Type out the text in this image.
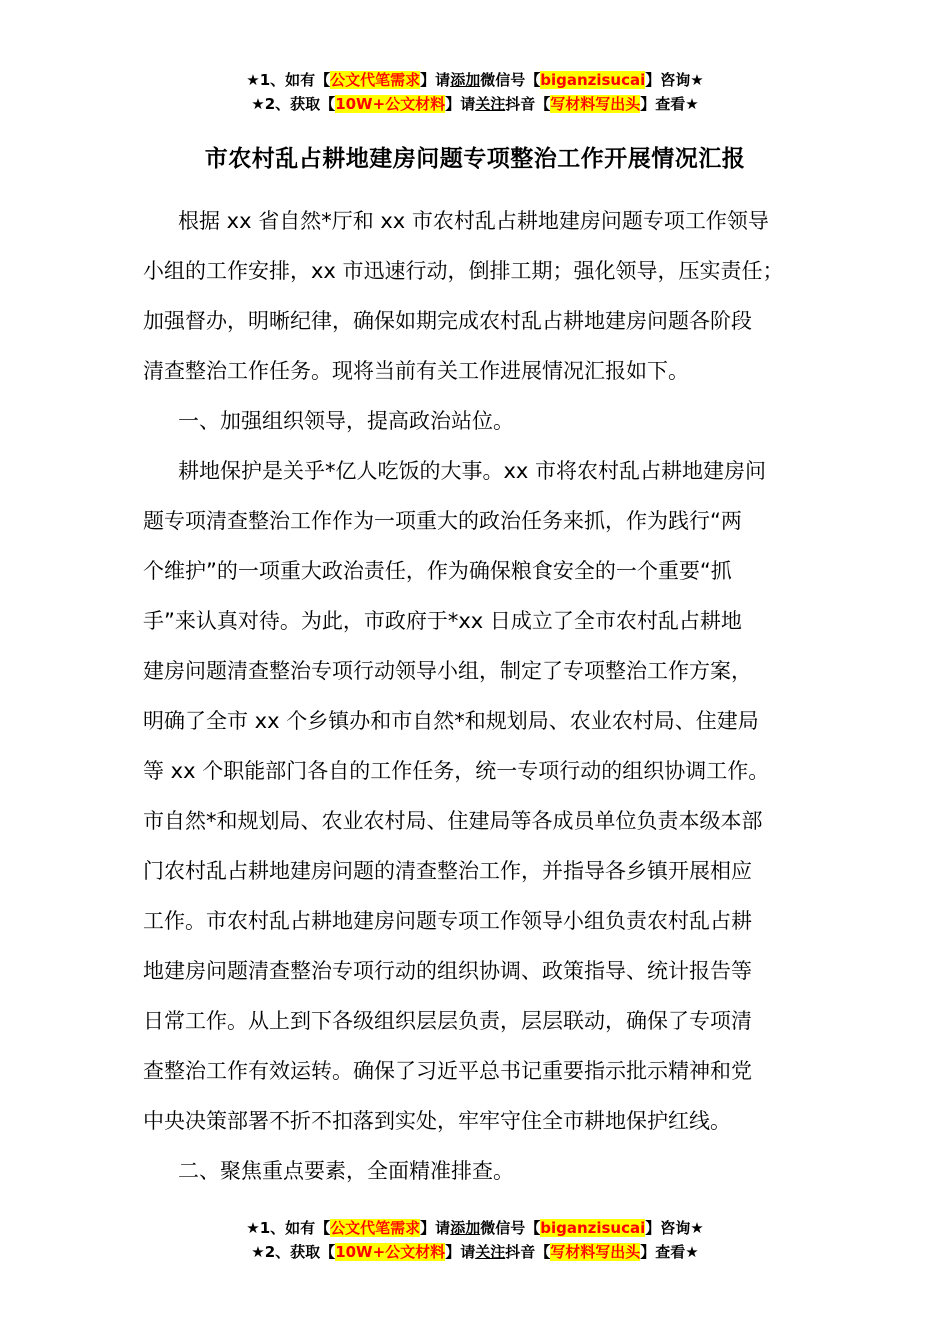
★1、如有【公文代笔需求】请添加微信号【biganzisucai】咨询★
★2、获取【10W+公文材料】请关注抖音【写材料写出头】查看★
市农村乱占耕地建房问题专项整治工作开展情况汇报
根据 xx 省自然*厅和 xx 市农村乱占耕地建房问题专项工作领导
小组的工作安排，xx 市迅速行动，倒排工期；强化领导，压实责任；
加强督办，明晰纪律，确保如期完成农村乱占耕地建房问题各阶段
清查整治工作任务。现将当前有关工作进展情况汇报如下。
一、加强组织领导，提高政治站位。
耕地保护是关乎*亿人吃饭的大事。xx 市将农村乱占耕地建房问
题专项清查整治工作作为一项重大的政治任务来抓，作为践行“两
个维护”的一项重大政治责任，作为确保粮食安全的一个重要“抓
手”来认真对待。为此，市政府于*xx 日成立了全市农村乱占耕地
建房问题清查整治专项行动领导小组，制定了专项整治工作方案，
明确了全市 xx 个乡镇办和市自然*和规划局、农业农村局、住建局
等 xx 个职能部门各自的工作任务，统一专项行动的组织协调工作。
市自然*和规划局、农业农村局、住建局等各成员单位负责本级本部
门农村乱占耕地建房问题的清查整治工作，并指导各乡镇开展相应
工作。市农村乱占耕地建房问题专项工作领导小组负责农村乱占耕
地建房问题清查整治专项行动的组织协调、政策指导、统计报告等
日常工作。从上到下各级组织层层负责，层层联动，确保了专项清
查整治工作有效运转。确保了习近平总书记重要指示批示精神和党
中央决策部署不折不扣落到实处，牢牢守住全市耕地保护红线。
二、聚焦重点要素，全面精准排查。
★1、如有【公文代笔需求】请添加微信号【biganzisucai】咨询★
★2、获取【10W+公文材料】请关注抖音【写材料写出头】查看★
